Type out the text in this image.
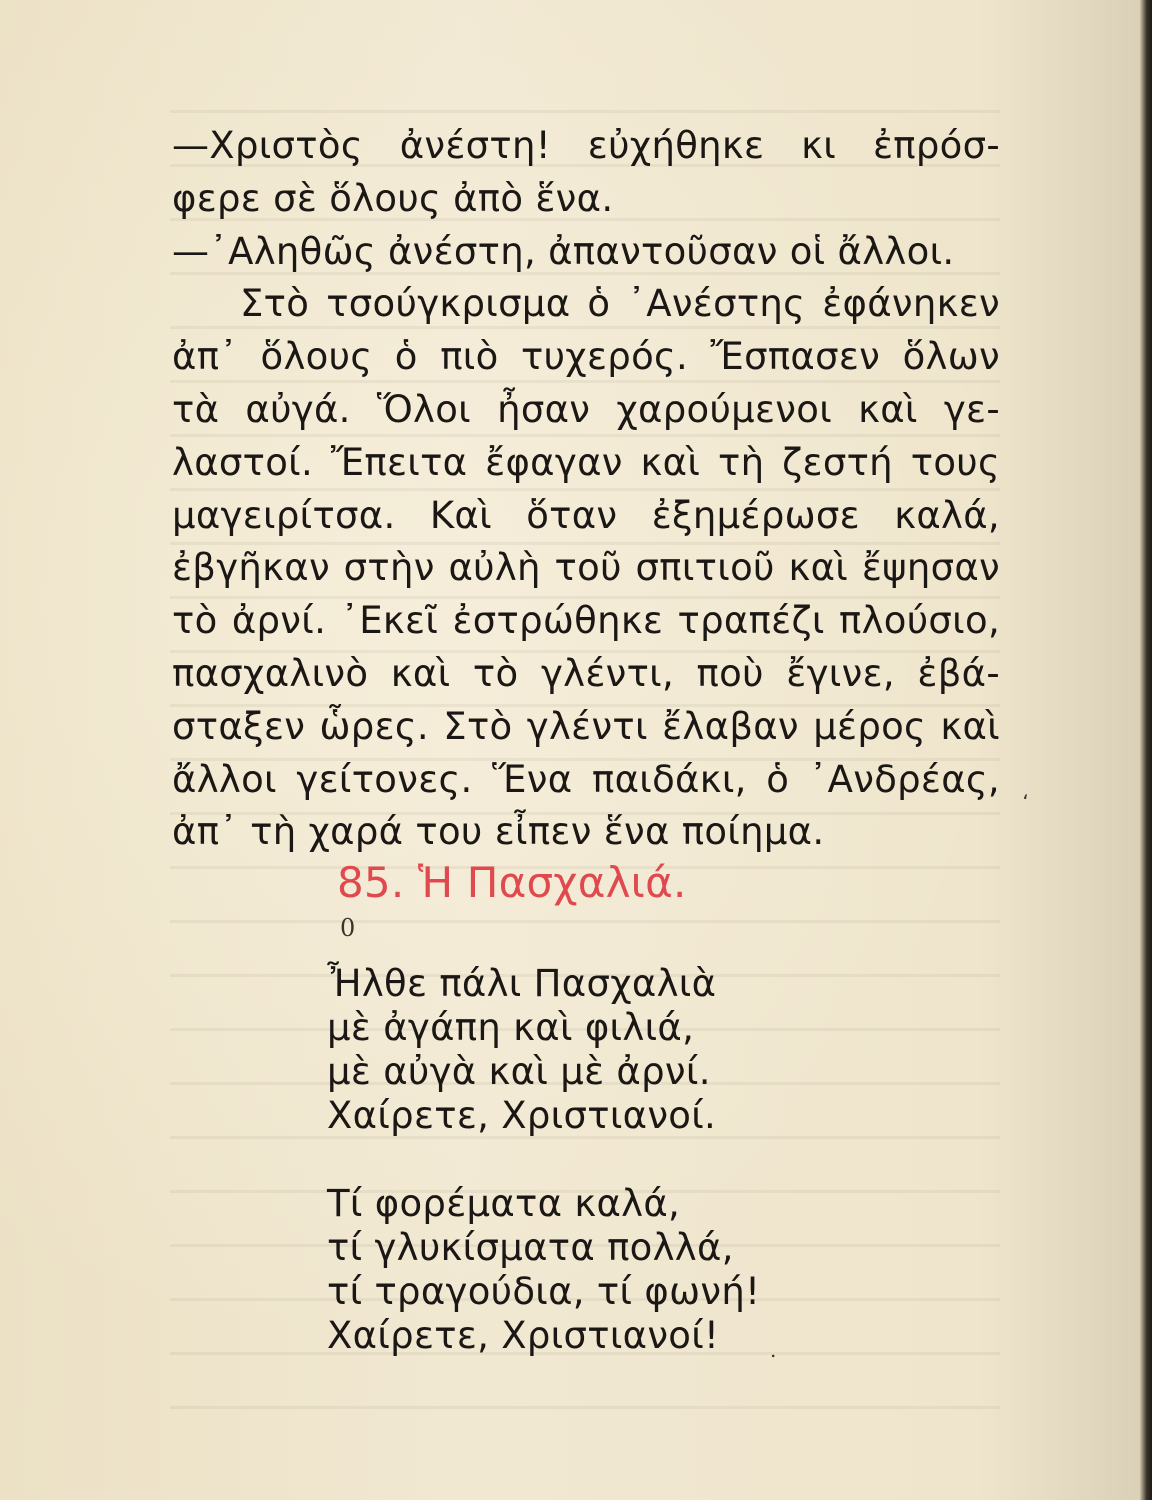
—Χριστὸς ἀνέστη! εὐχήθηκε κι ἐπρόσ-
φερε σὲ ὅλους ἀπὸ ἕνα.
—᾿Αληθῶς ἀνέστη, ἀπαντοῦσαν οἱ ἄλλοι.
Στὸ τσούγκρισμα ὁ ᾿Ανέστης ἐφάνηκεν
ἀπ᾿ ὅλους ὁ πιὸ τυχερός. Ἔσπασεν ὅλων
τὰ αὐγά. Ὅλοι ἦσαν χαρούμενοι καὶ γε-
λαστοί. Ἔπειτα ἔφαγαν καὶ τὴ ζεστή τους
μαγειρίτσα. Καὶ ὅταν ἐξημέρωσε καλά,
ἐβγῆκαν στὴν αὐλὴ τοῦ σπιτιοῦ καὶ ἔψησαν
τὸ ἀρνί. ᾿Εκεῖ ἐστρώθηκε τραπέζι πλούσιο,
πασχαλινὸ καὶ τὸ γλέντι, ποὺ ἔγινε, ἐβά-
σταξεν ὧρες. Στὸ γλέντι ἔλαβαν μέρος καὶ
ἄλλοι γείτονες. Ἕνα παιδάκι, ὁ ᾿Ανδρέας,
ἀπ᾿ τὴ χαρά του εἶπεν ἕνα ποίημα.
85. Ἡ Πασχαλιά.
0
،
.
Ἦλθε πάλι Πασχαλιὰ
μὲ ἀγάπη καὶ φιλιά,
μὲ αὐγὰ καὶ μὲ ἀρνί.
Χαίρετε, Χριστιανοί.
Τί φορέματα καλά,
τί γλυκίσματα πολλά,
τί τραγούδια, τί φωνή!
Χαίρετε, Χριστιανοί!
